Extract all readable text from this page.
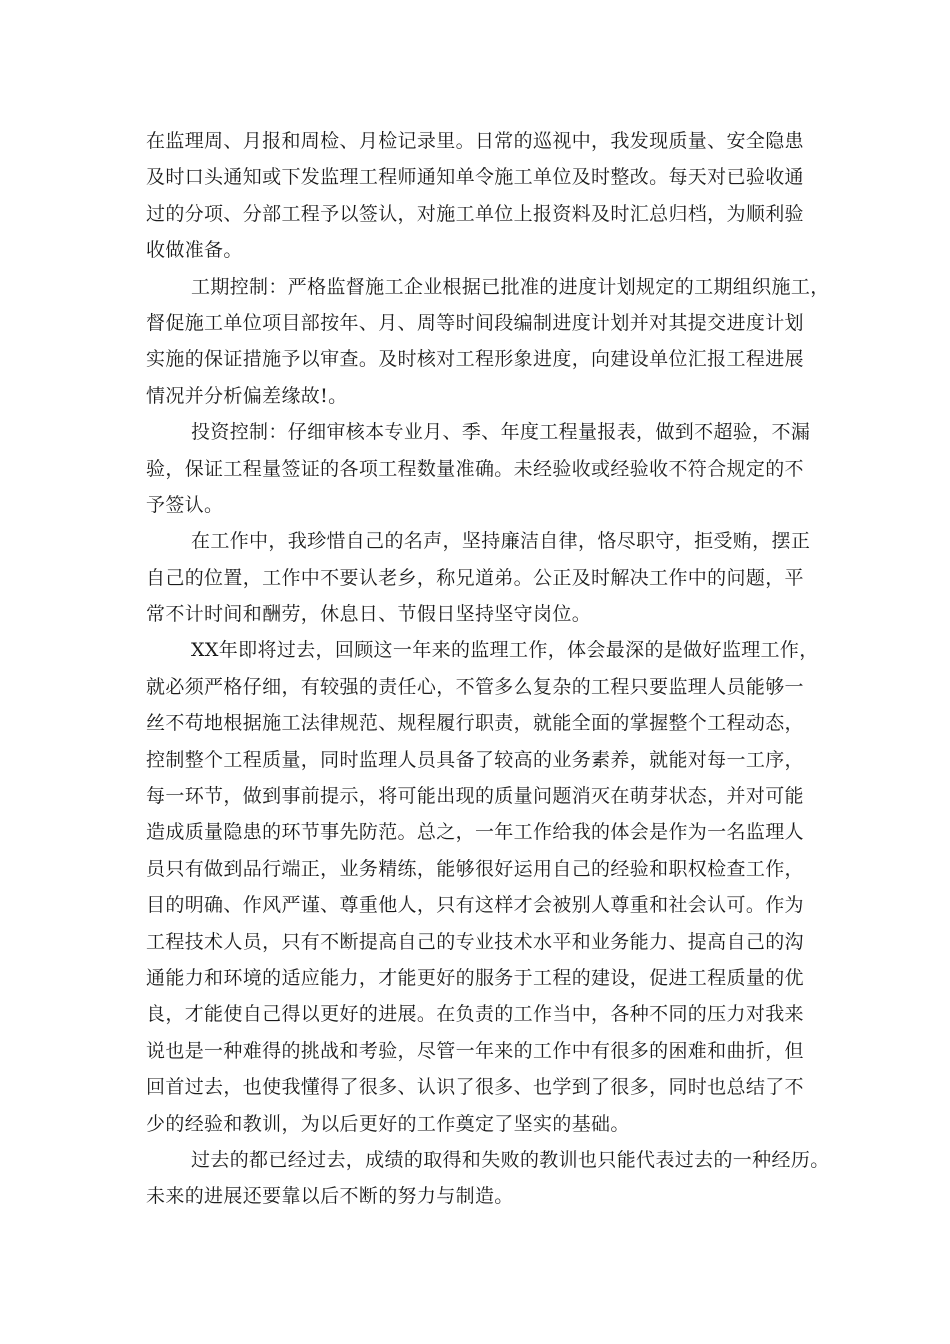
在监理周、月报和周检、月检记录里。日常的巡视中，我发现质量、安全隐患
及时口头通知或下发监理工程师通知单令施工单位及时整改。每天对已验收通
过的分项、分部工程予以签认，对施工单位上报资料及时汇总归档，为顺利验
收做准备。
工期控制：严格监督施工企业根据已批准的进度计划规定的工期组织施工，
督促施工单位项目部按年、月、周等时间段编制进度计划并对其提交进度计划
实施的保证措施予以审查。及时核对工程形象进度，向建设单位汇报工程进展
情况并分析偏差缘故!。
投资控制：仔细审核本专业月、季、年度工程量报表，做到不超验，不漏
验，保证工程量签证的各项工程数量准确。未经验收或经验收不符合规定的不
予签认。
在工作中，我珍惜自己的名声，坚持廉洁自律，恪尽职守，拒受贿，摆正
自己的位置，工作中不要认老乡，称兄道弟。公正及时解决工作中的问题，平
常不计时间和酬劳，休息日、节假日坚持坚守岗位。
XX年即将过去，回顾这一年来的监理工作，体会最深的是做好监理工作，
就必须严格仔细，有较强的责任心，不管多么复杂的工程只要监理人员能够一
丝不苟地根据施工法律规范、规程履行职责，就能全面的掌握整个工程动态，
控制整个工程质量，同时监理人员具备了较高的业务素养，就能对每一工序，
每一环节，做到事前提示，将可能出现的质量问题消灭在萌芽状态，并对可能
造成质量隐患的环节事先防范。总之，一年工作给我的体会是作为一名监理人
员只有做到品行端正，业务精练，能够很好运用自己的经验和职权检查工作，
目的明确、作风严谨、尊重他人，只有这样才会被别人尊重和社会认可。作为
工程技术人员，只有不断提高自己的专业技术水平和业务能力、提高自己的沟
通能力和环境的适应能力，才能更好的服务于工程的建设，促进工程质量的优
良，才能使自己得以更好的进展。在负责的工作当中，各种不同的压力对我来
说也是一种难得的挑战和考验，尽管一年来的工作中有很多的困难和曲折，但
回首过去，也使我懂得了很多、认识了很多、也学到了很多，同时也总结了不
少的经验和教训，为以后更好的工作奠定了坚实的基础。
过去的都已经过去，成绩的取得和失败的教训也只能代表过去的一种经历。
未来的进展还要靠以后不断的努力与制造。
